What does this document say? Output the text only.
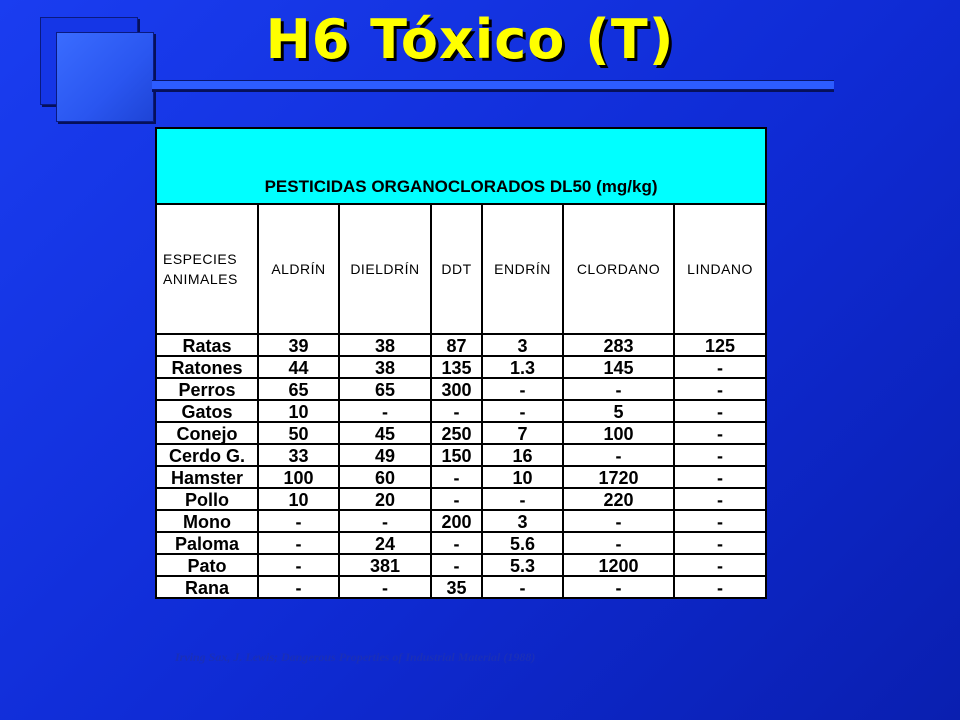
H6 Tóxico (T)
PESTICIDAS ORGANOCLORADOS DL50 (mg/kg)						
ESPECIES
ANIMALES	ALDRÍN	DIELDRÍN	DDT	ENDRÍN	CLORDANO	LINDANO
Ratas	39	38	87	3	283	125
Ratones	44	38	135	1.3	145	-
Perros	65	65	300	-	-	-
Gatos	10	-	-	-	5	-
Conejo	50	45	250	7	100	-
Cerdo G.	33	49	150	16	-	-
Hamster	100	60	-	10	1720	-
Pollo	10	20	-	-	220	-
Mono	-	-	200	3	-	-
Paloma	-	24	-	5.6	-	-
Pato	-	381	-	5.3	1200	-
Rana	-	-	35	-	-	-
Irving Sax, J. Lewis; Dangerous Properties of Industrial Material (1988)
